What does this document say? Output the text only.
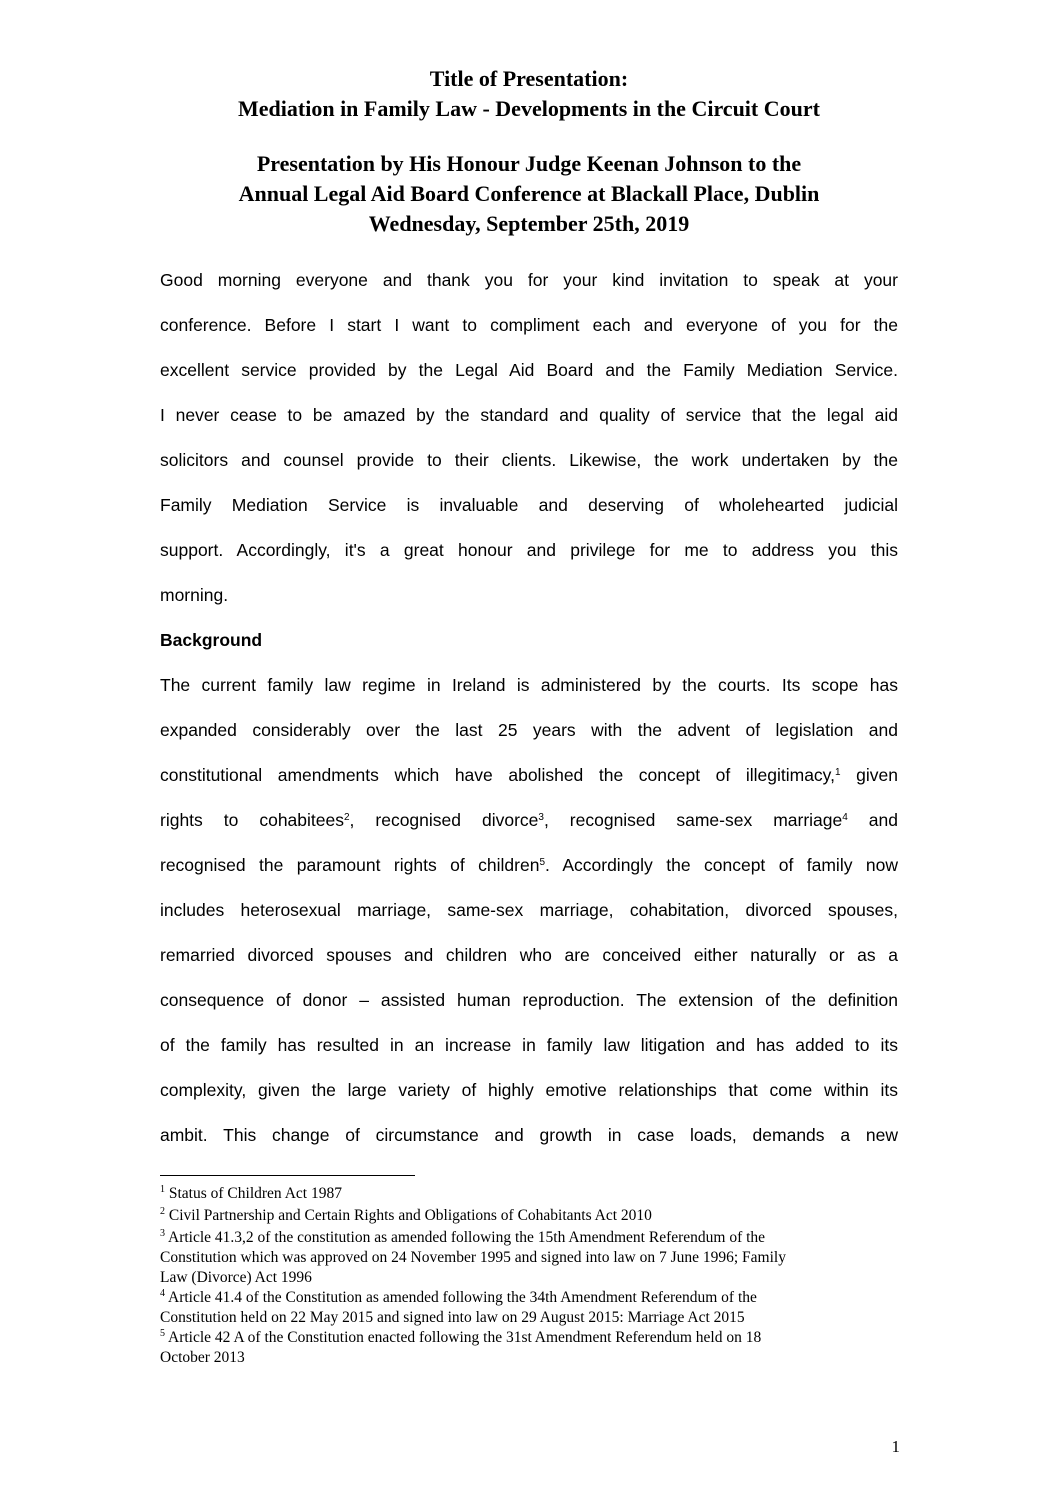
Title of Presentation:

Mediation in Family Law - Developments in the Circuit Court

Presentation by His Honour Judge Keenan Johnson to the

Annual Legal Aid Board Conference at Blackall Place, Dublin

Wednesday, September 25th, 2019

Good morning everyone and thank you for your kind invitation to speak at your

conference. Before I start I want to compliment each and everyone of you for the

excellent service provided by the Legal Aid Board and the Family Mediation Service.

I never cease to be amazed by the standard and quality of service that the legal aid

solicitors and counsel provide to their clients. Likewise, the work undertaken by the

Family Mediation Service is invaluable and deserving of wholehearted judicial

support. Accordingly, it's a great honour and privilege for me to address you this

morning.

Background

The current family law regime in Ireland is administered by the courts. Its scope has

expanded considerably over the last 25 years with the advent of legislation and

constitutional amendments which have abolished the concept of illegitimacy,$^1$ given

rights to cohabitees$^2$, recognised divorce$^3$, recognised same-sex marriage$^4$ and

recognised the paramount rights of children$^5$. Accordingly the concept of family now

includes heterosexual marriage, same-sex marriage, cohabitation, divorced spouses,

remarried divorced spouses and children who are conceived either naturally or as a

consequence of donor – assisted human reproduction. The extension of the definition

of the family has resulted in an increase in family law litigation and has added to its

complexity, given the large variety of highly emotive relationships that come within its

ambit. This change of circumstance and growth in case loads, demands a new

$^1$ Status of Children Act 1987

$^2$ Civil Partnership and Certain Rights and Obligations of Cohabitants Act 2010

$^3$ Article 41.3,2 of the constitution as amended following the 15th Amendment Referendum of the

Constitution which was approved on 24 November 1995 and signed into law on 7 June 1996; Family

Law (Divorce) Act 1996

$^4$ Article 41.4 of the Constitution as amended following the 34th Amendment Referendum of the

Constitution held on 22 May 2015 and signed into law on 29 August 2015: Marriage Act 2015

$^5$ Article 42 A of the Constitution enacted following the 31st Amendment Referendum held on 18

October 2013

1
